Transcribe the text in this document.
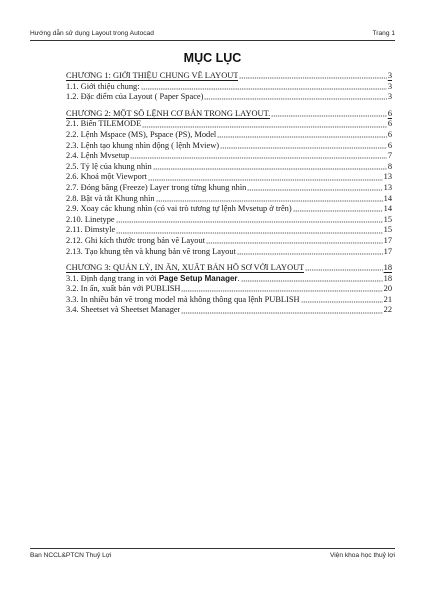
Hướng dẫn sử dụng Layout trong Autocad	Trang 1
MỤC LỤC
CHƯƠNG 1: GIỚI THIỆU CHUNG VỀ LAYOUT	3
1.1. Giới thiệu chung:	3
1.2. Đặc điểm của Layout ( Paper Space)	3
CHƯƠNG 2: MỘT SỐ LỆNH CƠ BẢN TRONG LAYOUT.	6
2.1. Biến TILEMODE	6
2.2. Lệnh Mspace (MS), Pspace (PS), Model	6
2.3. Lệnh tạo khung nhìn động ( lệnh Mview)	6
2.4. Lệnh Mvsetup	7
2.5. Tỷ lệ của khung nhìn	8
2.6. Khoá một Viewport	13
2.7. Đóng băng (Freeze) Layer trong từng khung nhìn	13
2.8. Bật và tắt Khung nhìn	14
2.9. Xoay các khung nhìn (có vai trò tương tự lệnh Mvsetup ở trên)	14
2.10. Linetype	15
2.11. Dimstyle	15
2.12. Ghi kích thước trong bản vẽ Layout	17
2.13. Tạo khung tên và khung bản vẽ trong Layout	17
CHƯƠNG 3: QUẢN LÝ, IN ẤN, XUẤT BẢN HỒ SƠ VỚI LAYOUT	18
3.1. Định dạng trang in với Page Setup Manager.	18
3.2. In ấn, xuất bản với PUBLISH	20
3.3. In nhiều bản vẽ trong model mà không thông qua lệnh PUBLISH	21
3.4. Sheetset và Sheetset Manager	22
Ban NCCL&PTCN Thuỷ Lợi	Viện khoa học thuỷ lợi
